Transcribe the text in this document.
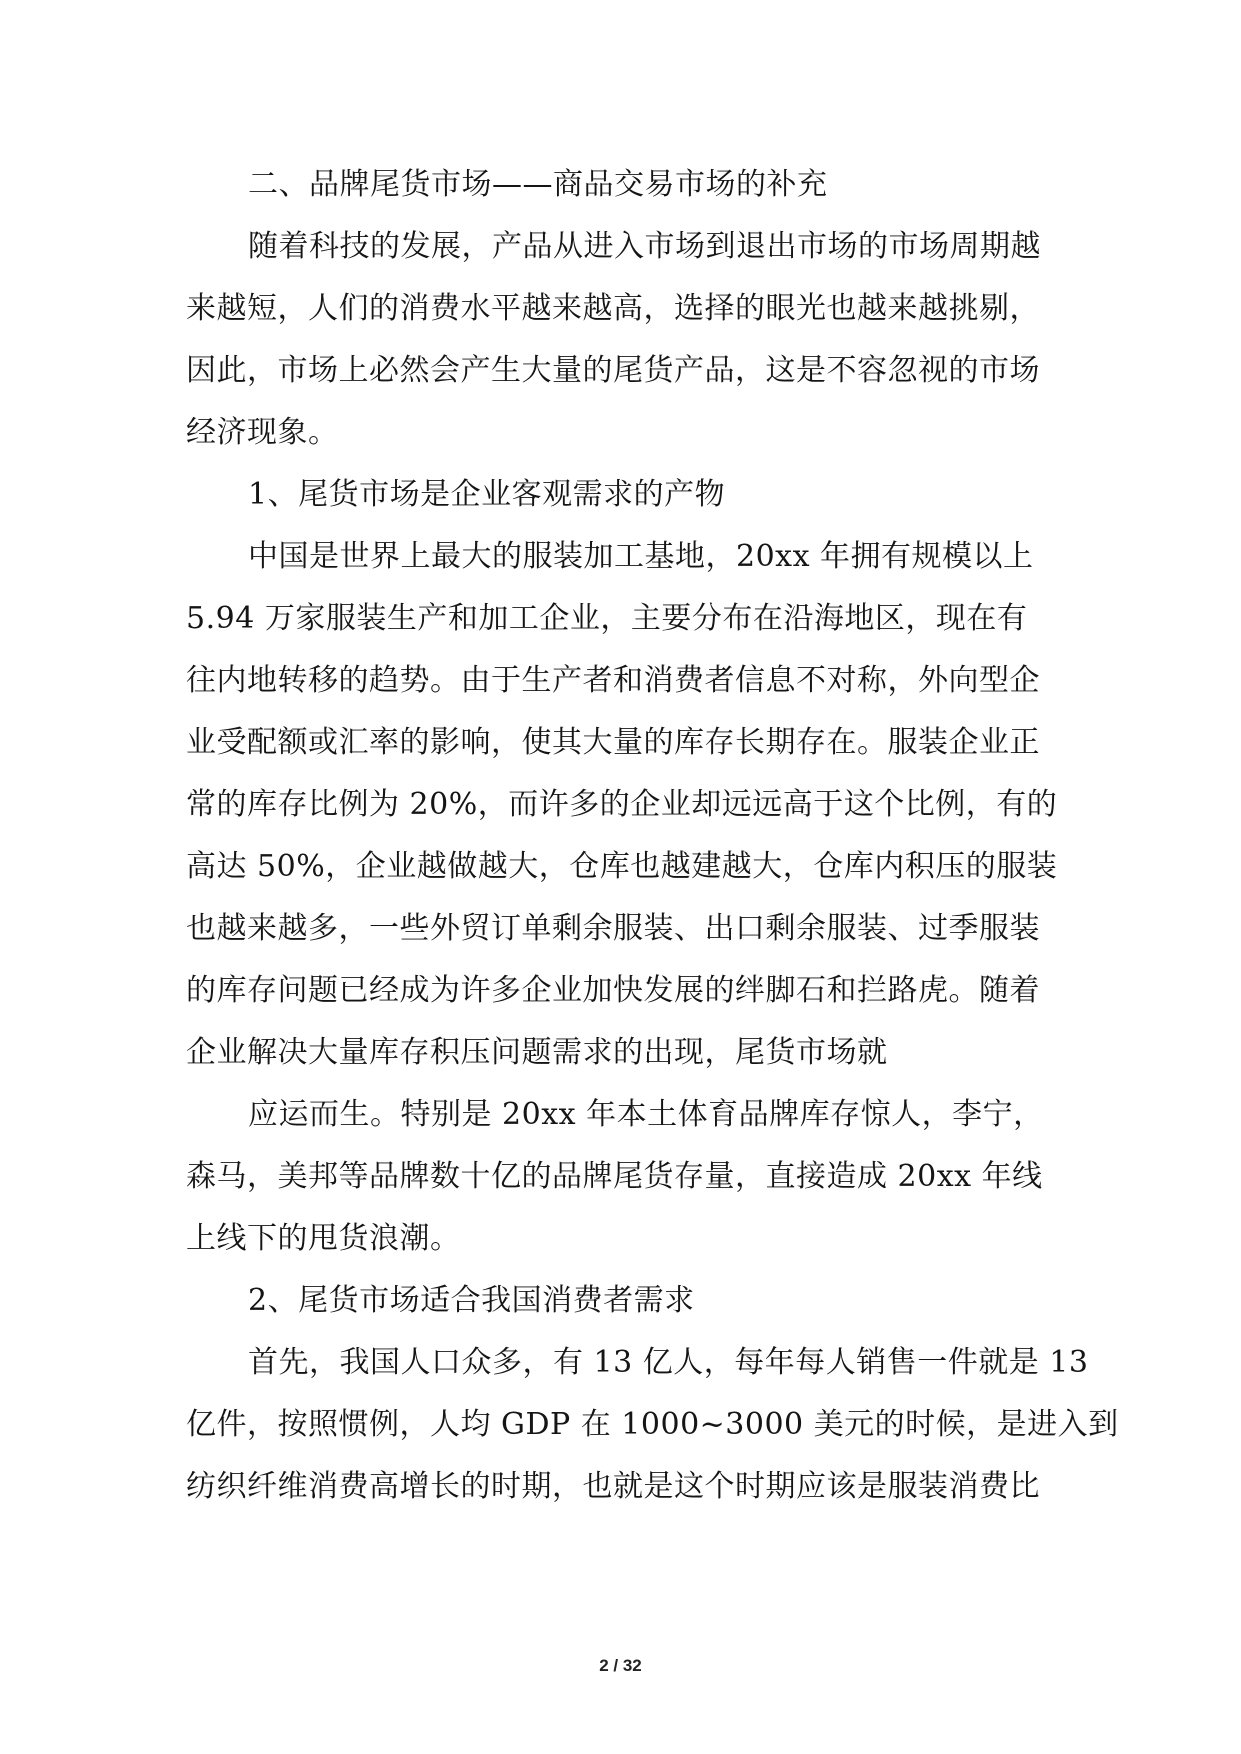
二、品牌尾货市场——商品交易市场的补充
随着科技的发展，产品从进入市场到退出市场的市场周期越
来越短，人们的消费水平越来越高，选择的眼光也越来越挑剔，
因此，市场上必然会产生大量的尾货产品，这是不容忽视的市场
经济现象。
1、尾货市场是企业客观需求的产物
中国是世界上最大的服装加工基地，20xx 年拥有规模以上
5.94 万家服装生产和加工企业，主要分布在沿海地区，现在有
往内地转移的趋势。由于生产者和消费者信息不对称，外向型企
业受配额或汇率的影响，使其大量的库存长期存在。服装企业正
常的库存比例为 20%，而许多的企业却远远高于这个比例，有的
高达 50%，企业越做越大，仓库也越建越大，仓库内积压的服装
也越来越多，一些外贸订单剩余服装、出口剩余服装、过季服装
的库存问题已经成为许多企业加快发展的绊脚石和拦路虎。随着
企业解决大量库存积压问题需求的出现，尾货市场就
应运而生。特别是 20xx 年本土体育品牌库存惊人，李宁，
森马，美邦等品牌数十亿的品牌尾货存量，直接造成 20xx 年线
上线下的甩货浪潮。
2、尾货市场适合我国消费者需求
首先，我国人口众多，有 13 亿人，每年每人销售一件就是 13
亿件，按照惯例，人均 GDP 在 1000~3000 美元的时候，是进入到
纺织纤维消费高增长的时期，也就是这个时期应该是服装消费比
2 / 32
